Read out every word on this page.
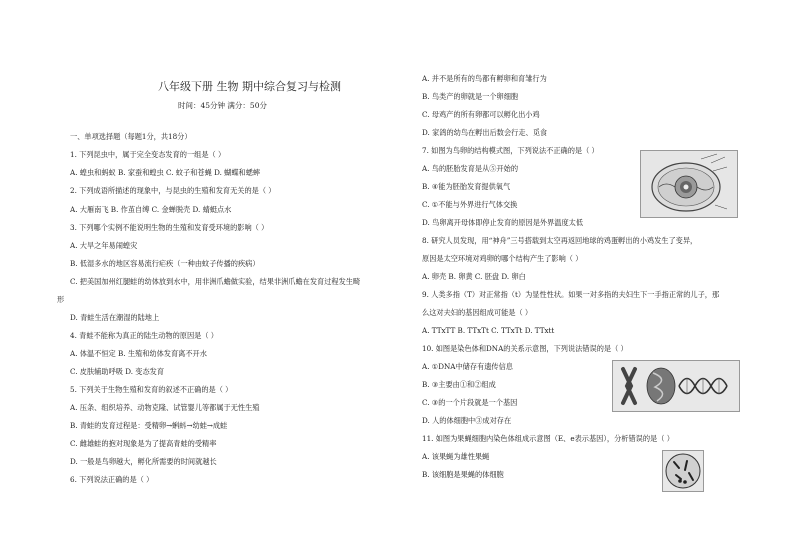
八年级下册 生物 期中综合复习与检测
时间：45分钟 满分：50分
一、单项选择题（每题1分，共18分）
1. 下列昆虫中，属于完全变态发育的一组是（ ）
A. 蝗虫和蚂蚁 B. 家蚕和蝗虫 C. 蚊子和苍蝇 D. 蝴蝶和蟋蟀
2. 下列成语所描述的现象中，与昆虫的生殖和发育无关的是（ ）
A. 大雁南飞 B. 作茧自缚 C. 金蝉脱壳 D. 蜻蜓点水
3. 下列哪个实例不能说明生物的生殖和发育受环境的影响（ ）
A. 大旱之年易闹蝗灾
B. 低湿多水的地区容易流行疟疾（一种由蚊子传播的疾病）
C. 把美国加州红腿蛙的幼体放到水中，用非洲爪蟾做实验，结果非洲爪蟾在发育过程发生畸
形
D. 青蛙生活在潮湿的陆地上
4. 青蛙不能称为真正的陆生动物的原因是（ ）
A. 体温不恒定 B. 生殖和幼体发育离不开水
C. 皮肤辅助呼吸 D. 变态发育
5. 下列关于生物生殖和发育的叙述不正确的是（ ）
A. 压条、组织培养、动物克隆、试管婴儿等都属于无性生殖
B. 青蛙的发育过程是：受精卵→蝌蚪→幼蛙→成蛙
C. 雌雄蛙的抱对现象是为了提高青蛙的受精率
D. 一般是鸟卵越大，孵化所需要的时间就越长
6. 下列说法正确的是（ ）
A. 并不是所有的鸟都有孵卵和育雏行为
B. 鸟类产的卵就是一个卵细胞
C. 母鸡产的所有卵都可以孵化出小鸡
D. 家鸽的幼鸟在孵出后数会行走、觅食
7. 如图为鸟卵的结构模式图，下列说法不正确的是（ ）
A. 鸟的胚胎发育是从⑤开始的
B. ④能为胚胎发育提供氧气
C. ①不能与外界进行气体交换
D. 鸟卵离开母体即停止发育的原因是外界温度太低
8. 研究人员发现，用“神舟”三号搭载到太空再返回地球的鸡蛋孵出的小鸡发生了变异，
原因是太空环境对鸡卵的哪个结构产生了影响（ ）
A. 卵壳 B. 卵黄 C. 胚盘 D. 卵白
9. 人类多指（T）对正常指（t）为显性性状。如果一对多指的夫妇生下一手指正常的儿子，那
么这对夫妇的基因组成可能是（ ）
A. TTxTT B. TTxTt C. TTxTt D. TTxtt
10. 如图是染色体和DNA的关系示意图，下列说法错误的是（ ）
A. ①DNA中储存有遗传信息
B. ③主要由①和②组成
C. ③的一个片段就是一个基因
D. 人的体细胞中③成对存在
11. 如图为果蝇细胞内染色体组成示意图（E、e表示基因），分析错误的是（ ）
A. 该果蝇为雄性果蝇
B. 该细胞是果蝇的体细胞
